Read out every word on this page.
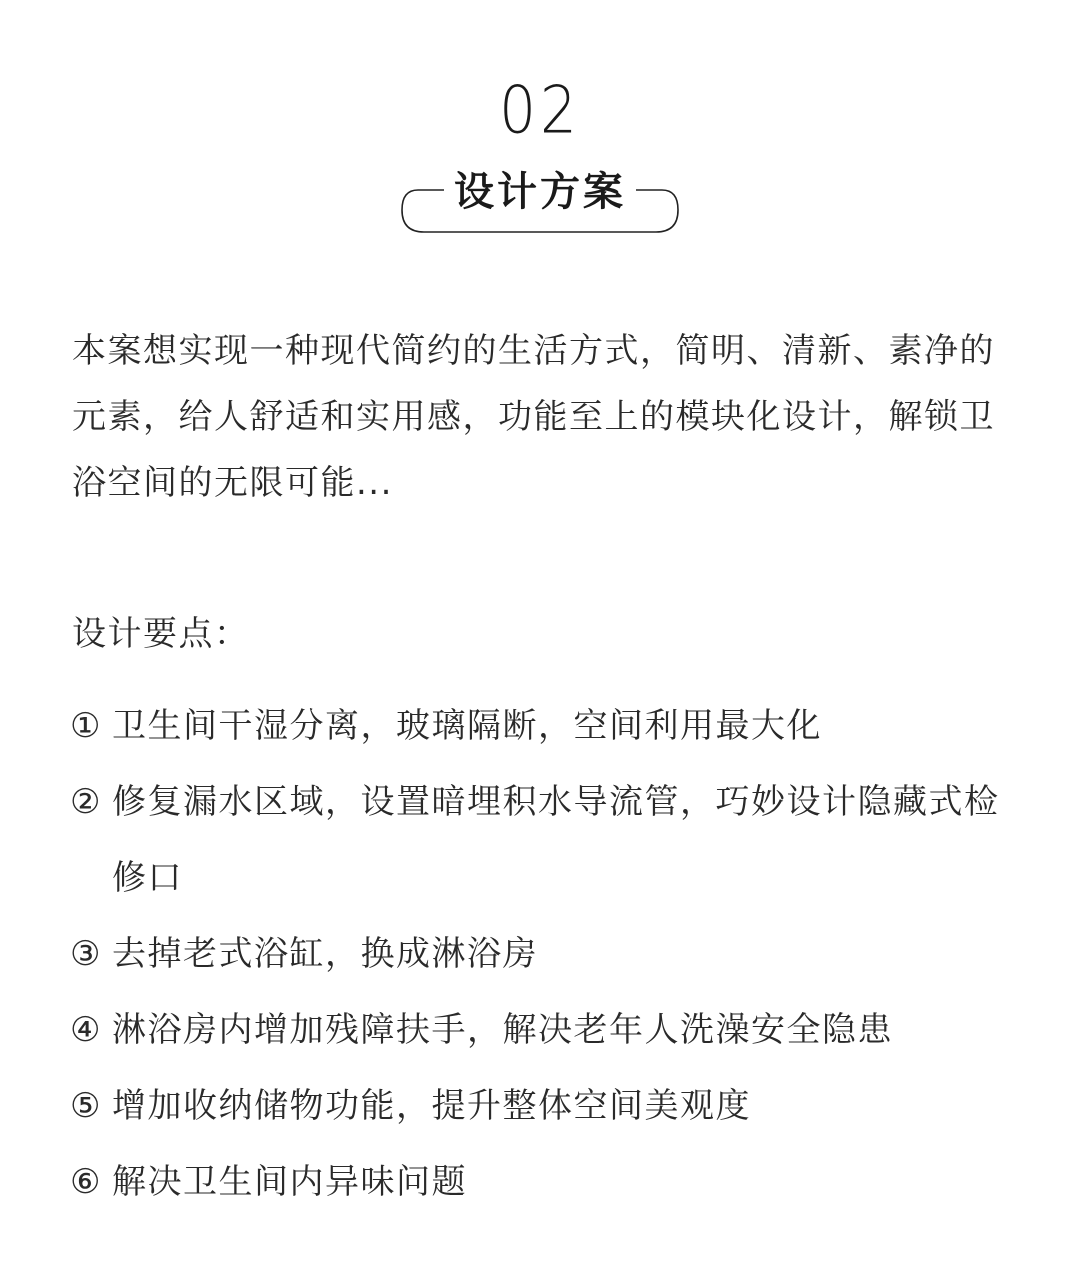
02
设计方案

本案想实现一种现代简约的生活方式，简明、清新、素净的元素，给人舒适和实用感，功能至上的模块化设计，解锁卫浴空间的无限可能...

设计要点：
① 卫生间干湿分离，玻璃隔断，空间利用最大化
② 修复漏水区域，设置暗埋积水导流管，巧妙设计隐藏式检修口
③ 去掉老式浴缸，换成淋浴房
④ 淋浴房内增加残障扶手，解决老年人洗澡安全隐患
⑤ 增加收纳储物功能，提升整体空间美观度
⑥ 解决卫生间内异味问题
